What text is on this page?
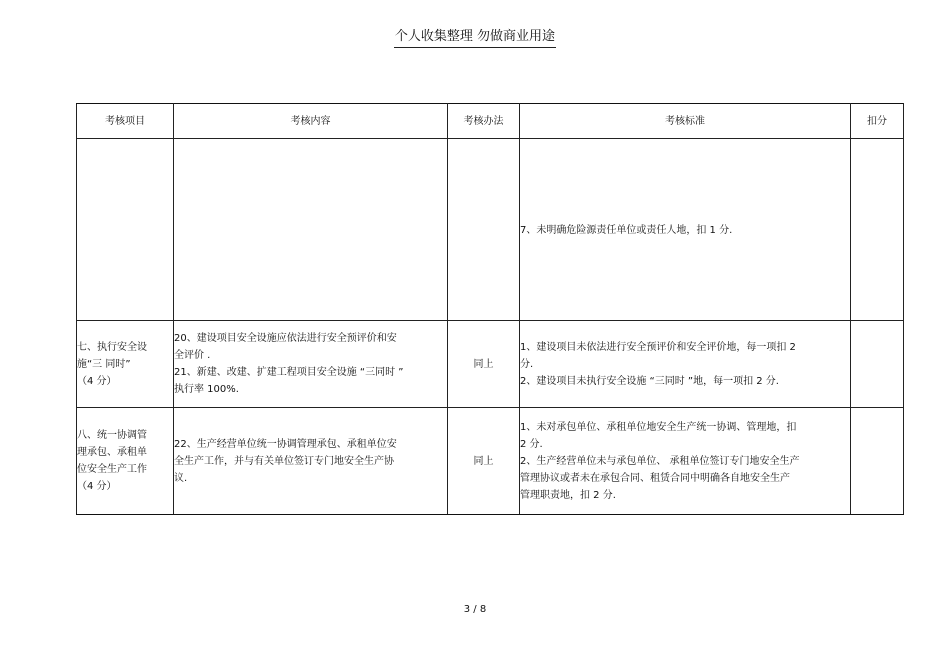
个人收集整理 勿做商业用途
考核项目	考核内容	考核办法	考核标准	扣分

			7、未明确危险源责任单位或责任人地，扣 1 分.	

七、执行安全设
施“三 同时”
（4 分）	20、建设项目安全设施应依法进行安全预评价和安
全评价 .
21、新建、改建、扩建工程项目安全设施 “三同时 ”
执行率 100%.	同上	1、建设项目未依法进行安全预评价和安全评价地，每一项扣 2
分.
2、建设项目未执行安全设施 “三同时 ”地，每一项扣 2 分.	

八、统一协调管
理承包、承租单
位安全生产工作
（4 分）	22、生产经营单位统一协调管理承包、承租单位安
全生产工作，并与有关单位签订专门地安全生产协
议.	同上	1、未对承包单位、承租单位地安全生产统一协调、管理地，扣
2 分.
2、生产经营单位未与承包单位、 承租单位签订专门地安全生产
管理协议或者未在承包合同、租赁合同中明确各自地安全生产
管理职责地，扣 2 分.	

3 / 8
